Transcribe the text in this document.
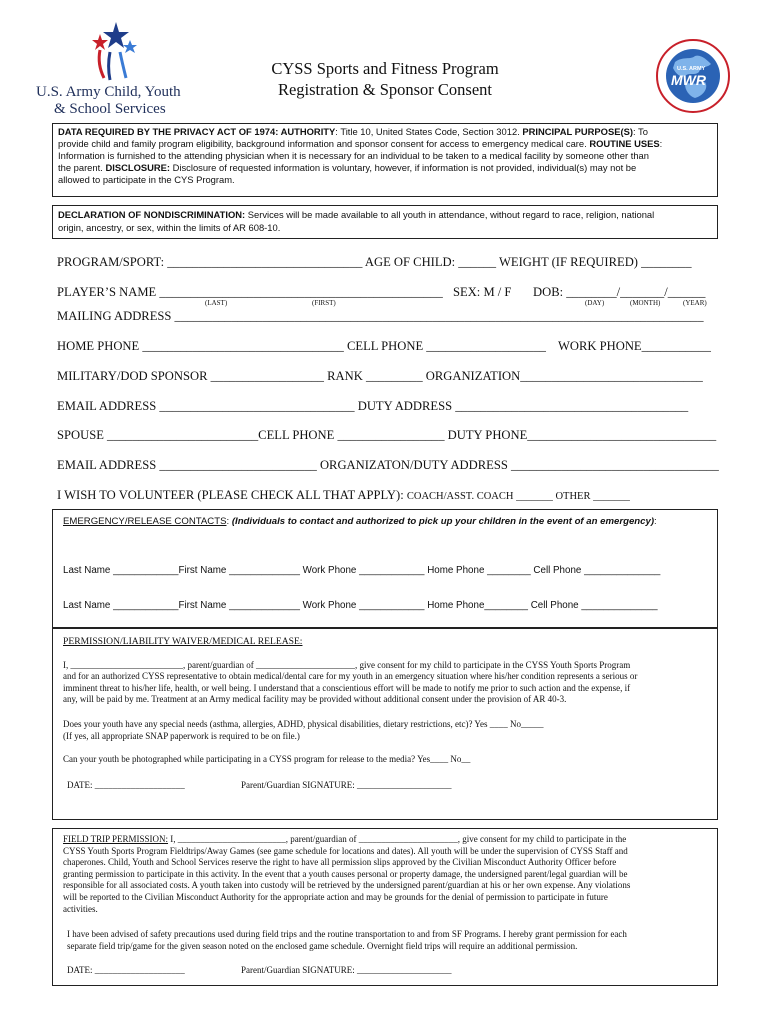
U.S. Army Child, Youth
& School Services
CYSS Sports and Fitness Program
Registration & Sponsor Consent
U.S. ARMY
MWR
DATA REQUIRED BY THE PRIVACY ACT OF 1974: AUTHORITY: Title 10, United States Code, Section 3012. PRINCIPAL PURPOSE(S): To
provide child and family program eligibility, background information and sponsor consent for access to emergency medical care. ROUTINE USES:
Information is furnished to the attending physician when it is necessary for an individual to be taken to a medical facility by someone other than
the parent. DISCLOSURE: Disclosure of requested information is voluntary, however, if information is not provided, individual(s) may not be
allowed to participate in the CYS Program.
DECLARATION OF NONDISCRIMINATION: Services will be made available to all youth in attendance, without regard to race, religion, national
origin, ancestry, or sex, within the limits of AR 608-10.
PROGRAM/SPORT: _______________________________ AGE OF CHILD: ______ WEIGHT (IF REQUIRED) ________
PLAYER’S NAME _____________________________________________ SEX: M / F DOB: ________/_______/______
(LAST)	(FIRST)	(DAY)	(MONTH)	(YEAR)
MAILING ADDRESS ____________________________________________________________________________________
HOME PHONE ________________________________ CELL PHONE ___________________ WORK PHONE___________
MILITARY/DOD SPONSOR __________________ RANK _________ ORGANIZATION_____________________________
EMAIL ADDRESS _______________________________ DUTY ADDRESS _____________________________________
SPOUSE ________________________CELL PHONE _________________ DUTY PHONE______________________________
EMAIL ADDRESS _________________________ ORGANIZATON/DUTY ADDRESS _________________________________
I WISH TO VOLUNTEER (PLEASE CHECK ALL THAT APPLY): COACH/ASST. COACH _______ OTHER _______
EMERGENCY/RELEASE CONTACTS: (Individuals to contact and authorized to pick up your children in the event of an emergency):
Last Name ____________First Name _____________ Work Phone ____________ Home Phone ________ Cell Phone ______________
Last Name ____________First Name _____________ Work Phone ____________ Home Phone________ Cell Phone ______________
PERMISSION/LIABILITY WAIVER/MEDICAL RELEASE:
I, _________________________, parent/guardian of ______________________, give consent for my child to participate in the CYSS Youth Sports Program
and for an authorized CYSS representative to obtain medical/dental care for my youth in an emergency situation where his/her condition represents a serious or
imminent threat to his/her life, health, or well being. I understand that a conscientious effort will be made to notify me prior to such action and the expense, if
any, will be paid by me. Treatment at an Army medical facility may be provided without additional consent under the provision of AR 40-3.
Does your youth have any special needs (asthma, allergies, ADHD, physical disabilities, dietary restrictions, etc)? Yes ____ No_____
(If yes, all appropriate SNAP paperwork is required to be on file.)
Can your youth be photographed while participating in a CYSS program for release to the media? Yes____ No__
DATE: ____________________	Parent/Guardian SIGNATURE: _____________________
FIELD TRIP PERMISSION: I, ________________________, parent/guardian of ______________________, give consent for my child to participate in the
CYSS Youth Sports Program Fieldtrips/Away Games (see game schedule for locations and dates). All youth will be under the supervision of CYSS Staff and
chaperones. Child, Youth and School Services reserve the right to have all permission slips approved by the Civilian Misconduct Authority Officer before
granting permission to participate in this activity. In the event that a youth causes personal or property damage, the undersigned parent/legal guardian will be
responsible for all associated costs. A youth taken into custody will be retrieved by the undersigned parent/guardian at his or her own expense. Any violations
will be reported to the Civilian Misconduct Authority for the appropriate action and may be grounds for the denial of permission to participate in future
activities.
I have been advised of safety precautions used during field trips and the routine transportation to and from SF Programs. I hereby grant permission for each
separate field trip/game for the given season noted on the enclosed game schedule. Overnight field trips will require an additional permission.
DATE: ____________________	Parent/Guardian SIGNATURE: _____________________
